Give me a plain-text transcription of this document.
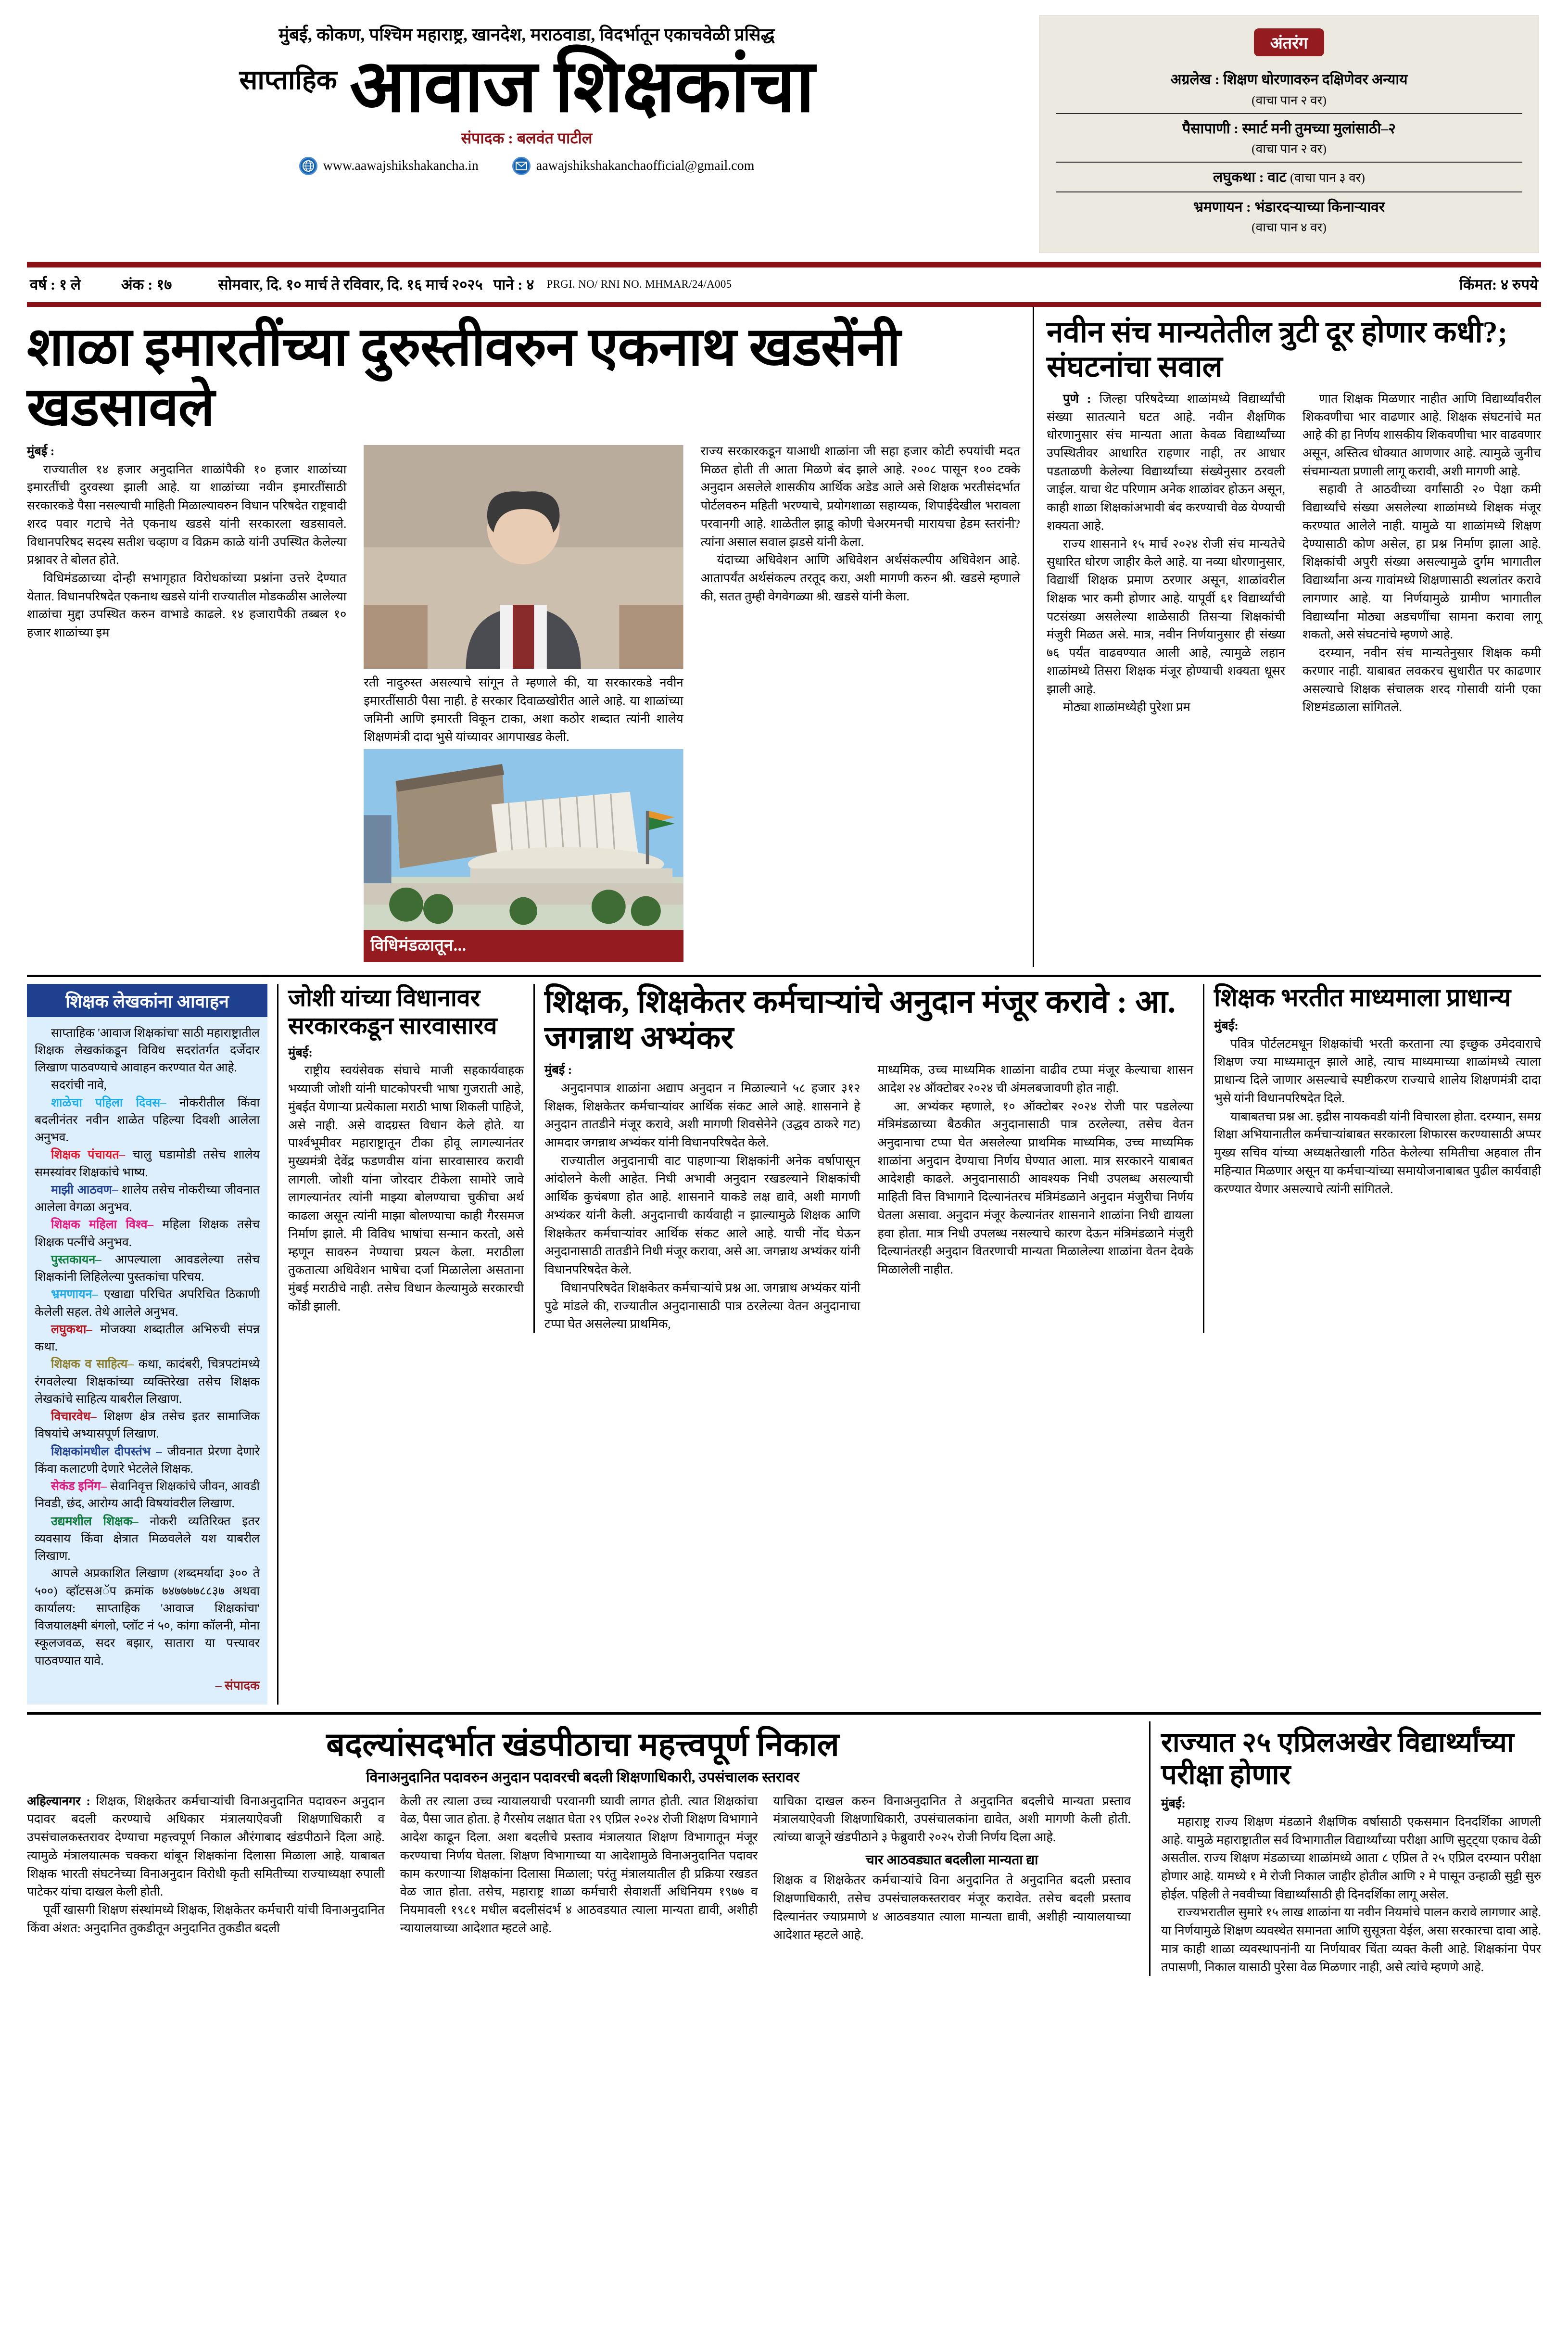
मुंबई, कोकण, पश्चिम महाराष्ट्र, खानदेश, मराठवाडा, विदर्भातून एकाचवेळी प्रसिद्ध
साप्ताहिक आवाज शिक्षकांचा
संपादक : बलवंत पाटील
www.aawajshikshakancha.in	aawajshikshakanchaofficial@gmail.com
अंतरंग
अग्रलेख : शिक्षण धोरणावरुन दक्षिणेवर अन्याय
(वाचा पान २ वर)
पैसापाणी : स्मार्ट मनी तुमच्या मुलांसाठी–२
(वाचा पान २ वर)
लघुकथा : वाट (वाचा पान ३ वर)
भ्रमणायन : भंडारदऱ्याच्या किनाऱ्यावर
(वाचा पान ४ वर)
वर्ष : १ ले	अंक : १७	सोमवार, दि. १० मार्च ते रविवार, दि. १६ मार्च २०२५ पाने : ४ PRGI. NO/ RNI NO. MHMAR/24/A005	किंमत: ४ रुपये
शाळा इमारतींच्या दुरुस्तीवरुन एकनाथ खडसेंनी खडसावले

मुंबई :

राज्यातील १४ हजार अनुदानित शाळांपैकी १० हजार शाळांच्या इमारतींची दुरवस्था झाली आहे. या शाळांच्या नवीन इमारतींसाठी सरकारकडे पैसा नसल्याची माहिती मिळाल्यावरुन विधान परिषदेत राष्ट्रवादी शरद पवार गटाचे नेते एकनाथ खडसे यांनी सरकारला खडसावले. विधानपरिषद सदस्य सतीश चव्हाण व विक्रम काळे यांनी उपस्थित केलेल्या प्रश्नावर ते बोलत होते.

विधिमंडळाच्या दोन्ही सभागृहात विरोधकांच्या प्रश्नांना उत्तरे देण्यात येतात. विधानपरिषदेत एकनाथ खडसे यांनी राज्यातील मोडकळीस आलेल्या शाळांचा मुद्दा उपस्थित करुन वाभाडे काढले. १४ हजारापैकी तब्बल १० हजार शाळांच्या इम

रती नादुरुस्त असल्याचे सांगून ते म्हणाले की, या सरकारकडे नवीन इमारतींसाठी पैसा नाही. हे सरकार दिवाळखोरीत आले आहे. या शाळांच्या जमिनी आणि इमारती विकून टाका, अशा कठोर शब्दात त्यांनी शालेय शिक्षणमंत्री दादा भुसे यांच्यावर आगपाखड केली.

विधिमंडळातून...

राज्य सरकारकडून याआधी शाळांना जी सहा हजार कोटी रुपयांची मदत मिळत होती ती आता मिळणे बंद झाले आहे. २००८ पासून १०० टक्के अनुदान असलेले शासकीय आर्थिक अडेड आले असे शिक्षक भरतीसंदर्भात पोर्टलवरुन महिती भरण्याचे, प्रयोगशाळा सहाय्यक, शिपाईदेखील भरावला परवानगी आहे. शाळेतील झाडू कोणी चेअरमनची मारायचा हेडम स्तरांनी? त्यांना असाल सवाल झडसे यांनी केला.

यंदाच्या अधिवेशन आणि अधिवेशन अर्थसंकल्पीय अधिवेशन आहे. आतापर्यंत अर्थसंकल्प तरतूद करा, अशी मागणी करुन श्री. खडसे म्हणाले की, सतत तुम्ही वेगवेगळ्या श्री. खडसे यांनी केला.

नवीन संच मान्यतेतील त्रुटी दूर होणार कधी?; संघटनांचा सवाल

पुणे : जिल्हा परिषदेच्या शाळांमध्ये विद्यार्थ्यांची संख्या सातत्याने घटत आहे. नवीन शैक्षणिक धोरणानुसार संच मान्यता आता केवळ विद्यार्थ्यांच्या उपस्थितीवर आधारित राहणार नाही, तर आधार पडताळणी केलेल्या विद्यार्थ्यांच्या संख्येनुसार ठरवली जाईल. याचा थेट परिणाम अनेक शाळांवर होऊन असून, काही शाळा शिक्षकांअभावी बंद करण्याची वेळ येण्याची शक्यता आहे.

राज्य शासनाने १५ मार्च २०२४ रोजी संच मान्यतेचे सुधारित धोरण जाहीर केले आहे. या नव्या धोरणानुसार, विद्यार्थी शिक्षक प्रमाण ठरणार असून, शाळांवरील शिक्षक भार कमी होणार आहे. यापूर्वी ६१ विद्यार्थ्यांची पटसंख्या असलेल्या शाळेसाठी तिसऱ्या शिक्षकांची मंजुरी मिळत असे. मात्र, नवीन निर्णयानुसार ही संख्या ७६ पर्यंत वाढवण्यात आली आहे, त्यामुळे लहान शाळांमध्ये तिसरा शिक्षक मंजूर होण्याची शक्यता धूसर झाली आहे.

मोठ्या शाळांमध्येही पुरेशा प्रम

णात शिक्षक मिळणार नाहीत आणि विद्यार्थ्यांवरील शिकवणीचा भार वाढणार आहे. शिक्षक संघटनांचे मत आहे की हा निर्णय शासकीय शिकवणीचा भार वाढवणार असून, अस्तित्व धोक्यात आणणार आहे. त्यामुळे जुनीच संचमान्यता प्रणाली लागू करावी, अशी मागणी आहे.

सहावी ते आठवीच्या वर्गांसाठी २० पेक्षा कमी विद्यार्थ्यांचे संख्या असलेल्या शाळांमध्ये शिक्षक मंजूर करण्यात आलेले नाही. यामुळे या शाळांमध्ये शिक्षण देण्यासाठी कोण असेल, हा प्रश्न निर्माण झाला आहे. शिक्षकांची अपुरी संख्या असल्यामुळे दुर्गम भागातील विद्यार्थ्यांना अन्य गावांमध्ये शिक्षणासाठी स्थलांतर करावे लागणार आहे. या निर्णयामुळे ग्रामीण भागातील विद्यार्थ्यांना मोठ्या अडचणींचा सामना करावा लागू शकतो, असे संघटनांचे म्हणणे आहे.

दरम्यान, नवीन संच मान्यतेनुसार शिक्षक कमी करणार नाही. याबाबत लवकरच सुधारीत पर काढणार असल्याचे शिक्षक संचालक शरद गोसावी यांनी एका शिष्टमंडळाला सांगितले.

शिक्षक लेखकांना आवाहन

साप्ताहिक 'आवाज शिक्षकांचा' साठी महाराष्ट्रातील शिक्षक लेखकांकडून विविध सदरांतर्गत दर्जेदार लिखाण पाठवण्याचे आवाहन करण्यात येत आहे.

सदरांची नावे,

शाळेचा पहिला दिवस– नोकरीतील किंवा बदलीनंतर नवीन शाळेत पहिल्या दिवशी आलेला अनुभव.

शिक्षक पंचायत– चालु घडामोडी तसेच शालेय समस्यांवर शिक्षकांचे भाष्य.

माझी आठवण– शालेय तसेच नोकरीच्या जीवनात आलेला वेगळा अनुभव.

शिक्षक महिला विश्व– महिला शिक्षक तसेच शिक्षक पत्नींचे अनुभव.

पुस्तकायन– आपल्याला आवडलेल्या तसेच शिक्षकांनी लिहिलेल्या पुस्तकांचा परिचय.

भ्रमणायन– एखाद्या परिचित अपरिचित ठिकाणी केलेली सहल. तेथे आलेले अनुभव.

लघुकथा– मोजक्या शब्दातील अभिरुची संपन्न कथा.

शिक्षक व साहित्य– कथा, कादंबरी, चित्रपटांमध्ये रंगवलेल्या शिक्षकांच्या व्यक्तिरेखा तसेच शिक्षक लेखकांचे साहित्य याबरील लिखाण.

विचारवेध– शिक्षण क्षेत्र तसेच इतर सामाजिक विषयांचे अभ्यासपूर्ण लिखाण.

शिक्षकांमधील दीपस्तंभ – जीवनात प्रेरणा देणारे किंवा कलाटणी देणारे भेटलेले शिक्षक.

सेकंड इनिंग– सेवानिवृत्त शिक्षकांचे जीवन, आवडी निवडी, छंद, आरोग्य आदी विषयांवरील लिखाण.

उद्यमशील शिक्षक– नोकरी व्यतिरिक्त इतर व्यवसाय किंवा क्षेत्रात मिळवलेले यश याबरील लिखाण.

आपले अप्रकाशित लिखाण (शब्दमर्यादा ३०० ते ५००) व्हॉटसअॅप क्रमांक ७४७७७७८८३७ अथवा कार्यालय: साप्ताहिक 'आवाज शिक्षकांचा' विजयालक्ष्मी बंगलो, प्लॉट नं ५०, कांगा कॉलनी, मोना स्कूलजवळ, सदर बझार, सातारा या पत्त्यावर पाठवण्यात यावे.

– संपादक
जोशी यांच्या विधानावर सरकारकडून सारवासारव

मुंबई:

राष्ट्रीय स्वयंसेवक संघाचे माजी सहकार्यवाहक भय्याजी जोशी यांनी घाटकोपरची भाषा गुजराती आहे, मुंबईत येणाऱ्या प्रत्येकाला मराठी भाषा शिकली पाहिजे, असे नाही. असे वादग्रस्त विधान केले होते. या पार्श्वभूमीवर महाराष्ट्रातून टीका होवू लागल्यानंतर मुख्यमंत्री देवेंद्र फडणवीस यांना सारवासारव करावी लागली. जोशी यांना जोरदार टीकेला सामोरे जावे लागल्यानंतर त्यांनी माझ्या बोलण्याचा चुकीचा अर्थ काढला असून त्यांनी माझा बोलण्याचा काही गैरसमज निर्माण झाले. मी विविध भाषांचा सन्मान करतो, असे म्हणून सावरुन नेण्याचा प्रयत्न केला. मराठीला तुकतात्या अधिवेशन भाषेचा दर्जा मिळालेला असताना मुंबई मराठीचे नाही. तसेच विधान केल्यामुळे सरकारची कोंडी झाली.

शिक्षक, शिक्षकेतर कर्मचाऱ्यांचे अनुदान मंजूर करावे : आ. जगन्नाथ अभ्यंकर

मुंबई :

अनुदानपात्र शाळांना अद्याप अनुदान न मिळाल्याने ५८ हजार ३१२ शिक्षक, शिक्षकेतर कर्मचाऱ्यांवर आर्थिक संकट आले आहे. शासनाने हे अनुदान तातडीने मंजूर करावे, अशी मागणी शिवसेनेने (उद्धव ठाकरे गट) आमदार जगन्नाथ अभ्यंकर यांनी विधानपरिषदेत केले.

राज्यातील अनुदानाची वाट पाहणाऱ्या शिक्षकांनी अनेक वर्षापासून आंदोलने केली आहेत. निधी अभावी अनुदान रखडल्याने शिक्षकांची आर्थिक कुचंबणा होत आहे. शासनाने याकडे लक्ष द्यावे, अशी मागणी अभ्यंकर यांनी केली. अनुदानाची कार्यवाही न झाल्यामुळे शिक्षक आणि शिक्षकेतर कर्मचाऱ्यांवर आर्थिक संकट आले आहे. याची नोंद घेऊन अनुदानासाठी तातडीने निधी मंजूर करावा, असे आ. जगन्नाथ अभ्यंकर यांनी विधानपरिषदेत केले.

विधानपरिषदेत शिक्षकेतर कर्मचाऱ्यांचे प्रश्न आ. जगन्नाथ अभ्यंकर यांनी पुढे मांडले की, राज्यातील अनुदानासाठी पात्र ठरलेल्या वेतन अनुदानाचा टप्पा घेत असलेल्या प्राथमिक,

माध्यमिक, उच्च माध्यमिक शाळांना वाढीव टप्पा मंजूर केल्याचा शासन आदेश २४ ऑक्टोबर २०२४ ची अंमलबजावणी होत नाही.

आ. अभ्यंकर म्हणाले, १० ऑक्टोबर २०२४ रोजी पार पडलेल्या मंत्रिमंडळाच्या बैठकीत अनुदानासाठी पात्र ठरलेल्या, तसेच वेतन अनुदानाचा टप्पा घेत असलेल्या प्राथमिक माध्यमिक, उच्च माध्यमिक शाळांना अनुदान देण्याचा निर्णय घेण्यात आला. मात्र सरकारने याबाबत आदेशही काढले. अनुदानासाठी आवश्यक निधी उपलब्ध असल्याची माहिती वित्त विभागाने दिल्यानंतरच मंत्रिमंडळाने अनुदान मंजुरीचा निर्णय घेतला असावा. अनुदान मंजूर केल्यानंतर शासनाने शाळांना निधी द्यायला हवा होता. मात्र निधी उपलब्ध नसल्याचे कारण देऊन मंत्रिमंडळाने मंजुरी दिल्यानंतरही अनुदान वितरणाची मान्यता मिळालेल्या शाळांना वेतन देवके मिळालेली नाहीत.

शिक्षक भरतीत माध्यमाला प्राधान्य

मुंबई:

पवित्र पोर्टलटमधून शिक्षकांची भरती करताना त्या इच्छुक उमेदवाराचे शिक्षण ज्या माध्यमातून झाले आहे, त्याच माध्यमाच्या शाळांमध्ये त्याला प्राधान्य दिले जाणार असल्याचे स्पष्टीकरण राज्याचे शालेय शिक्षणमंत्री दादा भुसे यांनी विधानपरिषदेत दिले.

याबाबतचा प्रश्न आ. इद्रीस नायकवडी यांनी विचारला होता. दरम्यान, समग्र शिक्षा अभियानातील कर्मचाऱ्यांबाबत सरकारला शिफारस करण्यासाठी अप्पर मुख्य सचिव यांच्या अध्यक्षतेखाली गठित केलेल्या समितीचा अहवाल तीन महिन्यात मिळणार असून या कर्मचाऱ्यांच्या समायोजनाबाबत पुढील कार्यवाही करण्यात येणार असल्याचे त्यांनी सांगितले.

बदल्यांसदर्भात खंडपीठाचा महत्त्वपूर्ण निकाल
विनाअनुदानित पदावरुन अनुदान पदावरची बदली शिक्षणाधिकारी, उपसंचालक स्तरावर

अहिल्यानगर : शिक्षक, शिक्षकेतर कर्मचाऱ्यांची विनाअनुदानित पदावरुन अनुदान पदावर बदली करण्याचे अधिकार मंत्रालयाऐवजी शिक्षणाधिकारी व उपसंचालकस्तरावर देण्याचा महत्त्वपूर्ण निकाल औरंगाबाद खंडपीठाने दिला आहे. त्यामुळे मंत्रालयात्मक चक्करा थांबून शिक्षकांना दिलासा मिळाला आहे. याबाबत शिक्षक भारती संघटनेच्या विनाअनुदान विरोधी कृती समितीच्या राज्याध्यक्षा रुपाली पाटेकर यांचा दाखल केली होती.

पूर्वी खासगी शिक्षण संस्थांमध्ये शिक्षक, शिक्षकेतर कर्मचारी यांची विनाअनुदानित किंवा अंशत: अनुदानित तुकडीतून अनुदानित तुकडीत बदली

केली तर त्याला उच्च न्यायालयाची परवानगी घ्यावी लागत होती. त्यात शिक्षकांचा वेळ, पैसा जात होता. हे गैरसोय लक्षात घेता २९ एप्रिल २०२४ रोजी शिक्षण विभागाने आदेश काढून दिला. अशा बदलीचे प्रस्ताव मंत्रालयात शिक्षण विभागातून मंजूर करण्याचा निर्णय घेतला. शिक्षण विभागाच्या या आदेशामुळे विनाअनुदानित पदावर काम करणाऱ्या शिक्षकांना दिलासा मिळाला; परंतु मंत्रालयातील ही प्रक्रिया रखडत वेळ जात होता. तसेच, महाराष्ट्र शाळा कर्मचारी सेवाशर्ती अधिनियम १९७७ व नियमावली १९८१ मधील बदलीसंदर्भ ४ आठवडयात त्याला मान्यता द्यावी, अशीही न्यायालयाच्या आदेशात म्हटले आहे.

याचिका दाखल करुन विनाअनुदानित ते अनुदानित बदलीचे मान्यता प्रस्ताव मंत्रालयाऐवजी शिक्षणाधिकारी, उपसंचालकांना द्यावेत, अशी मागणी केली होती. त्यांच्या बाजूने खंडपीठाने ३ फेब्रुवारी २०२५ रोजी निर्णय दिला आहे.

चार आठवड्यात बदलीला मान्यता द्या

शिक्षक व शिक्षकेतर कर्मचाऱ्यांचे विना अनुदानित ते अनुदानित बदली प्रस्ताव शिक्षणाधिकारी, तसेच उपसंचालकस्तरावर मंजूर करावेत. तसेच बदली प्रस्ताव दिल्यानंतर ज्याप्रमाणे ४ आठवडयात त्याला मान्यता द्यावी, अशीही न्यायालयाच्या आदेशात म्हटले आहे.

राज्यात २५ एप्रिलअखेर विद्यार्थ्यांच्या परीक्षा होणार

मुंबई:

महाराष्ट्र राज्य शिक्षण मंडळाने शैक्षणिक वर्षासाठी एकसमान दिनदर्शिका आणली आहे. यामुळे महाराष्ट्रातील सर्व विभागातील विद्यार्थ्यांच्या परीक्षा आणि सुट्ट्या एकाच वेळी असतील. राज्य शिक्षण मंडळाच्या शाळांमध्ये आता ८ एप्रिल ते २५ एप्रिल दरम्यान परीक्षा होणार आहे. यामध्ये १ मे रोजी निकाल जाहीर होतील आणि २ मे पासून उन्हाळी सुट्टी सुरु होईल. पहिली ते नववीच्या विद्यार्थ्यांसाठी ही दिनदर्शिका लागू असेल.

राज्यभरातील सुमारे १५ लाख शाळांना या नवीन नियमांचे पालन करावे लागणार आहे. या निर्णयामुळे शिक्षण व्यवस्थेत समानता आणि सुसूत्रता येईल, असा सरकारचा दावा आहे. मात्र काही शाळा व्यवस्थापनांनी या निर्णयावर चिंता व्यक्त केली आहे. शिक्षकांना पेपर तपासणी, निकाल यासाठी पुरेसा वेळ मिळणार नाही, असे त्यांचे म्हणणे आहे.
